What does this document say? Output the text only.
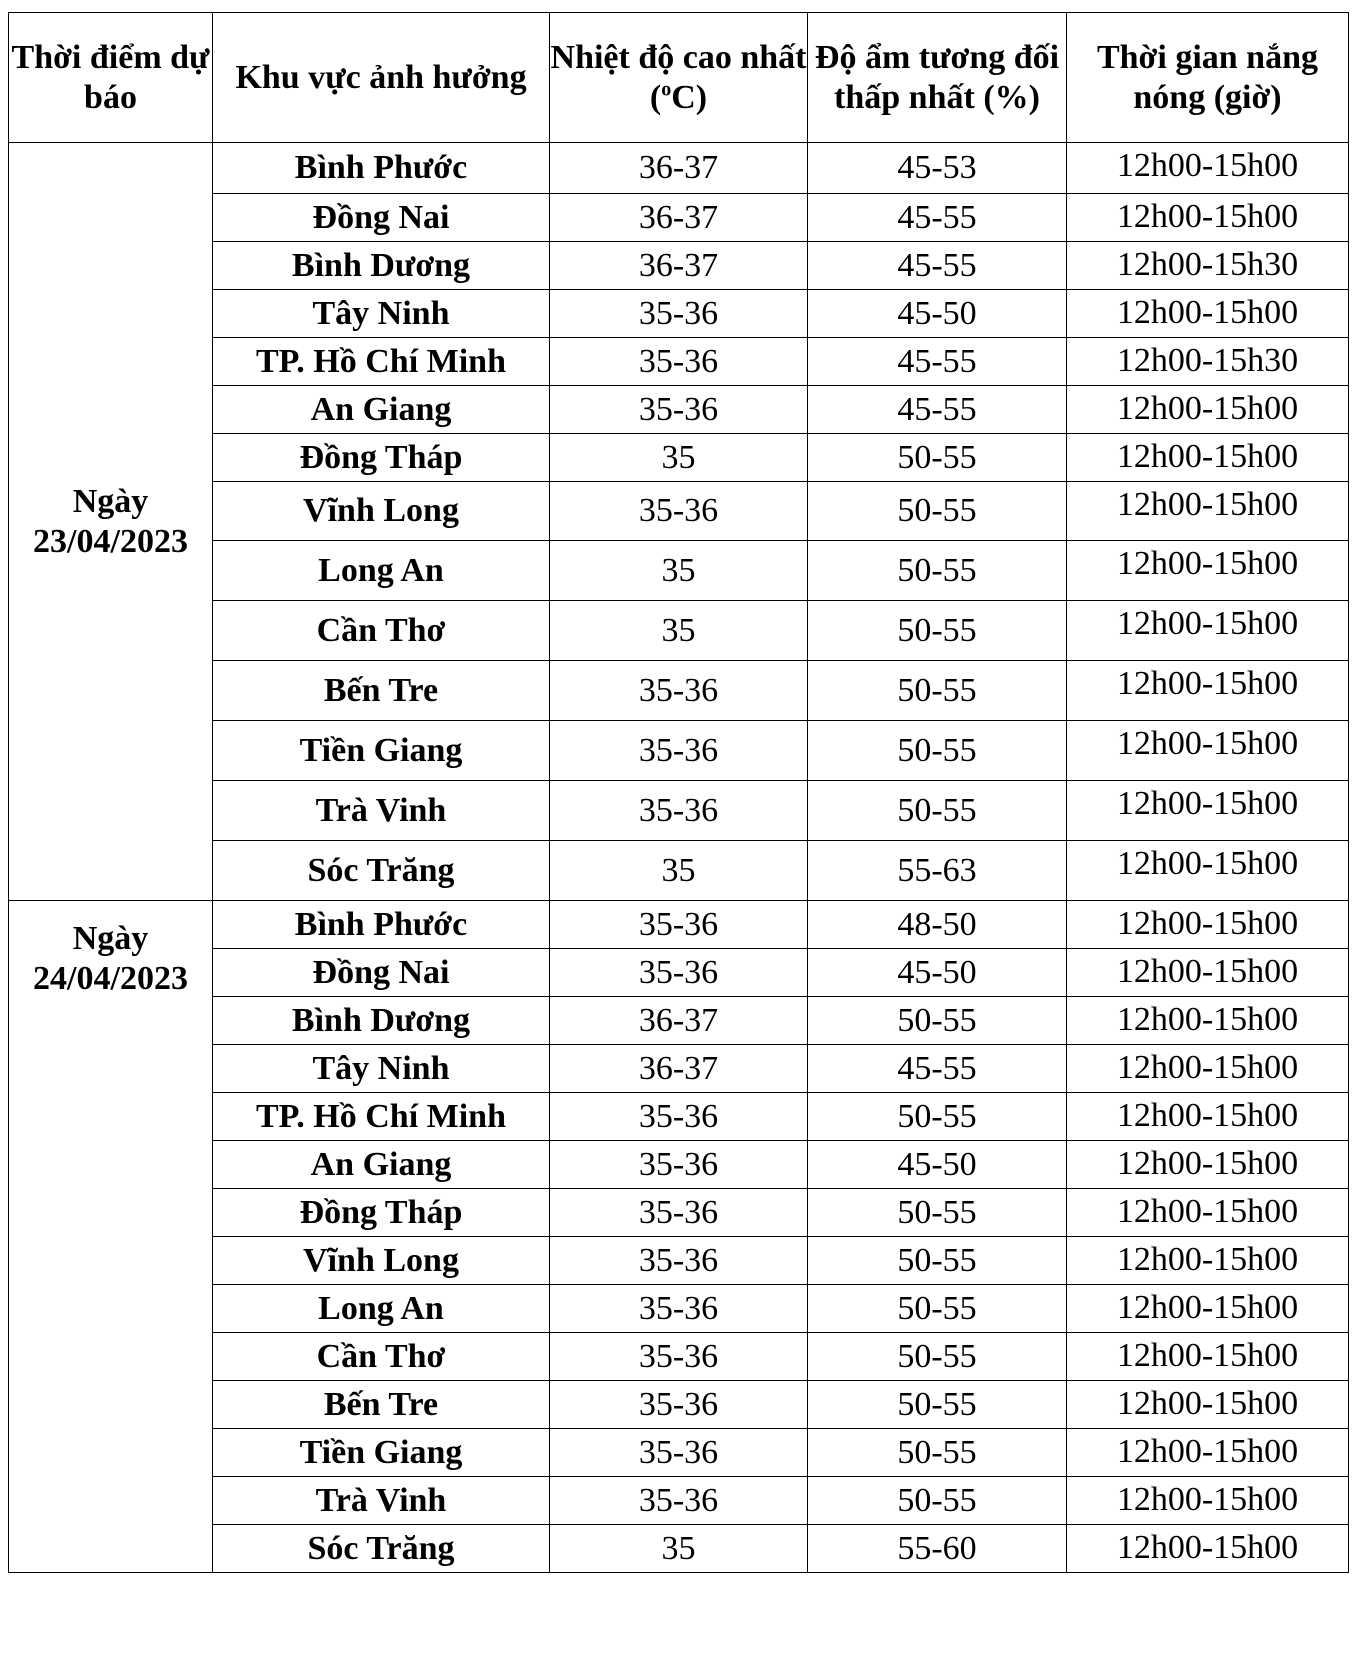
Thời điểm dự báo	Khu vực ảnh hưởng	Nhiệt độ cao nhất ($^o$C)	Độ ẩm tương đối thấp nhất (%)	Thời gian nắng nóng (giờ)
Ngày 23/04/2023	Bình Phước	36-37	45-53	12h00-15h00
	Đồng Nai	36-37	45-55	12h00-15h00
	Bình Dương	36-37	45-55	12h00-15h30
	Tây Ninh	35-36	45-50	12h00-15h00
	TP. Hồ Chí Minh	35-36	45-55	12h00-15h30
	An Giang	35-36	45-55	12h00-15h00
	Đồng Tháp	35	50-55	12h00-15h00
	Vĩnh Long	35-36	50-55	12h00-15h00
	Long An	35	50-55	12h00-15h00
	Cần Thơ	35	50-55	12h00-15h00
	Bến Tre	35-36	50-55	12h00-15h00
	Tiền Giang	35-36	50-55	12h00-15h00
	Trà Vinh	35-36	50-55	12h00-15h00
	Sóc Trăng	35	55-63	12h00-15h00
Ngày 24/04/2023	Bình Phước	35-36	48-50	12h00-15h00
	Đồng Nai	35-36	45-50	12h00-15h00
	Bình Dương	36-37	50-55	12h00-15h00
	Tây Ninh	36-37	45-55	12h00-15h00
	TP. Hồ Chí Minh	35-36	50-55	12h00-15h00
	An Giang	35-36	45-50	12h00-15h00
	Đồng Tháp	35-36	50-55	12h00-15h00
	Vĩnh Long	35-36	50-55	12h00-15h00
	Long An	35-36	50-55	12h00-15h00
	Cần Thơ	35-36	50-55	12h00-15h00
	Bến Tre	35-36	50-55	12h00-15h00
	Tiền Giang	35-36	50-55	12h00-15h00
	Trà Vinh	35-36	50-55	12h00-15h00
	Sóc Trăng	35	55-60	12h00-15h00
